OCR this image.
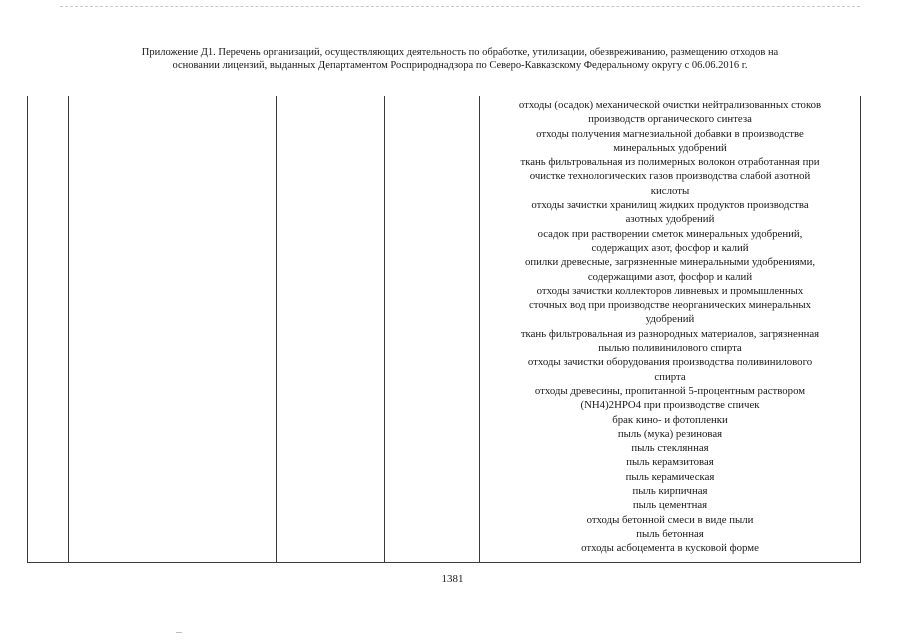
Приложение Д1. Перечень организаций, осуществляющих деятельность по обработке, утилизации, обезвреживанию, размещению отходов на
основании лицензий, выданных Департаментом Росприроднадзора по Северо-Кавказскому Федеральному округу с 06.06.2016 г.

отходы (осадок) механической очистки нейтрализованных стоков
производств органического синтеза
отходы получения магнезиальной добавки в производстве
минеральных удобрений
ткань фильтровальная из полимерных волокон отработанная при
очистке технологических газов производства слабой азотной
кислоты
отходы зачистки хранилищ жидких продуктов производства
азотных удобрений
осадок при растворении сметок минеральных удобрений,
содержащих азот, фосфор и калий
опилки древесные, загрязненные минеральными удобрениями,
содержащими азот, фосфор и калий
отходы зачистки коллекторов ливневых и промышленных
сточных вод при производстве неорганических минеральных
удобрений
ткань фильтровальная из разнородных материалов, загрязненная
пылью поливинилового спирта
отходы зачистки оборудования производства поливинилового
спирта
отходы древесины, пропитанной 5-процентным раствором
(NH4)2HPO4 при производстве спичек
брак кино- и фотопленки
пыль (мука) резиновая
пыль стеклянная
пыль керамзитовая
пыль керамическая
пыль кирпичная
пыль цементная
отходы бетонной смеси в виде пыли
пыль бетонная
отходы асбоцемента в кусковой форме
1381
